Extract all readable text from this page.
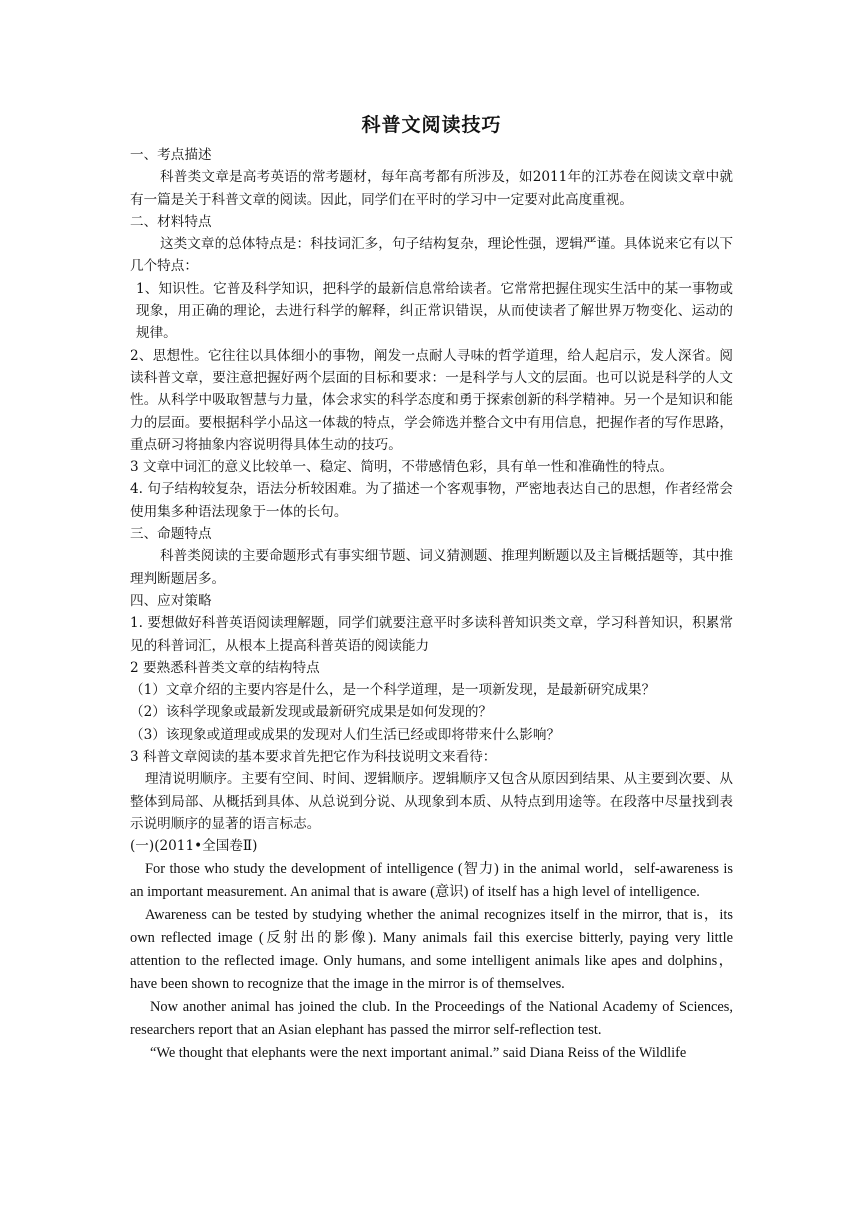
科普文阅读技巧

一、考点描述

科普类文章是高考英语的常考题材，每年高考都有所涉及，如2011年的江苏卷在阅读文章中就有一篇是关于科普文章的阅读。因此，同学们在平时的学习中一定要对此高度重视。

二、材料特点

这类文章的总体特点是：科技词汇多，句子结构复杂，理论性强，逻辑严谨。具体说来它有以下几个特点：

1、知识性。它普及科学知识，把科学的最新信息常给读者。它常常把握住现实生活中的某一事物或现象，用正确的理论，去进行科学的解释，纠正常识错误，从而使读者了解世界万物变化、运动的规律。

2、思想性。它往往以具体细小的事物，阐发一点耐人寻味的哲学道理，给人起启示，发人深省。阅读科普文章，要注意把握好两个层面的目标和要求：一是科学与人文的层面。也可以说是科学的人文性。从科学中吸取智慧与力量，体会求实的科学态度和勇于探索创新的科学精神。另一个是知识和能力的层面。要根据科学小品这一体裁的特点，学会筛选并整合文中有用信息，把握作者的写作思路，重点研习将抽象内容说明得具体生动的技巧。

3 文章中词汇的意义比较单一、稳定、简明，不带感情色彩，具有单一性和准确性的特点。

4. 句子结构较复杂，语法分析较困难。为了描述一个客观事物，严密地表达自己的思想，作者经常会使用集多种语法现象于一体的长句。

三、命题特点

科普类阅读的主要命题形式有事实细节题、词义猜测题、推理判断题以及主旨概括题等，其中推理判断题居多。

四、应对策略

1. 要想做好科普英语阅读理解题，同学们就要注意平时多读科普知识类文章，学习科普知识，积累常见的科普词汇，从根本上提高科普英语的阅读能力

2 要熟悉科普类文章的结构特点

（1）文章介绍的主要内容是什么，是一个科学道理，是一项新发现，是最新研究成果？

（2）该科学现象或最新发现或最新研究成果是如何发现的？

（3）该现象或道理或成果的发现对人们生活已经或即将带来什么影响？

3 科普文章阅读的基本要求首先把它作为科技说明文来看待：

理清说明顺序。主要有空间、时间、逻辑顺序。逻辑顺序又包含从原因到结果、从主要到次要、从整体到局部、从概括到具体、从总说到分说、从现象到本质、从特点到用途等。在段落中尽量找到表示说明顺序的显著的语言标志。

(一)(2011•全国卷Ⅱ)

For those who study the development of intelligence (智力) in the animal world，self-awareness is an important measurement. An animal that is aware (意识) of itself has a high level of intelligence.

Awareness can be tested by studying whether the animal recognizes itself in the mirror, that is，its own reflected image (反射出的影像). Many animals fail this exercise bitterly, paying very little attention to the reflected image. Only humans, and some intelligent animals like apes and dolphins，have been shown to recognize that the image in the mirror is of themselves.

Now another animal has joined the club. In the Proceedings of the National Academy of Sciences, researchers report that an Asian elephant has passed the mirror self-reflection test.

“We thought that elephants were the next important animal.” said Diana Reiss of the Wildlife
